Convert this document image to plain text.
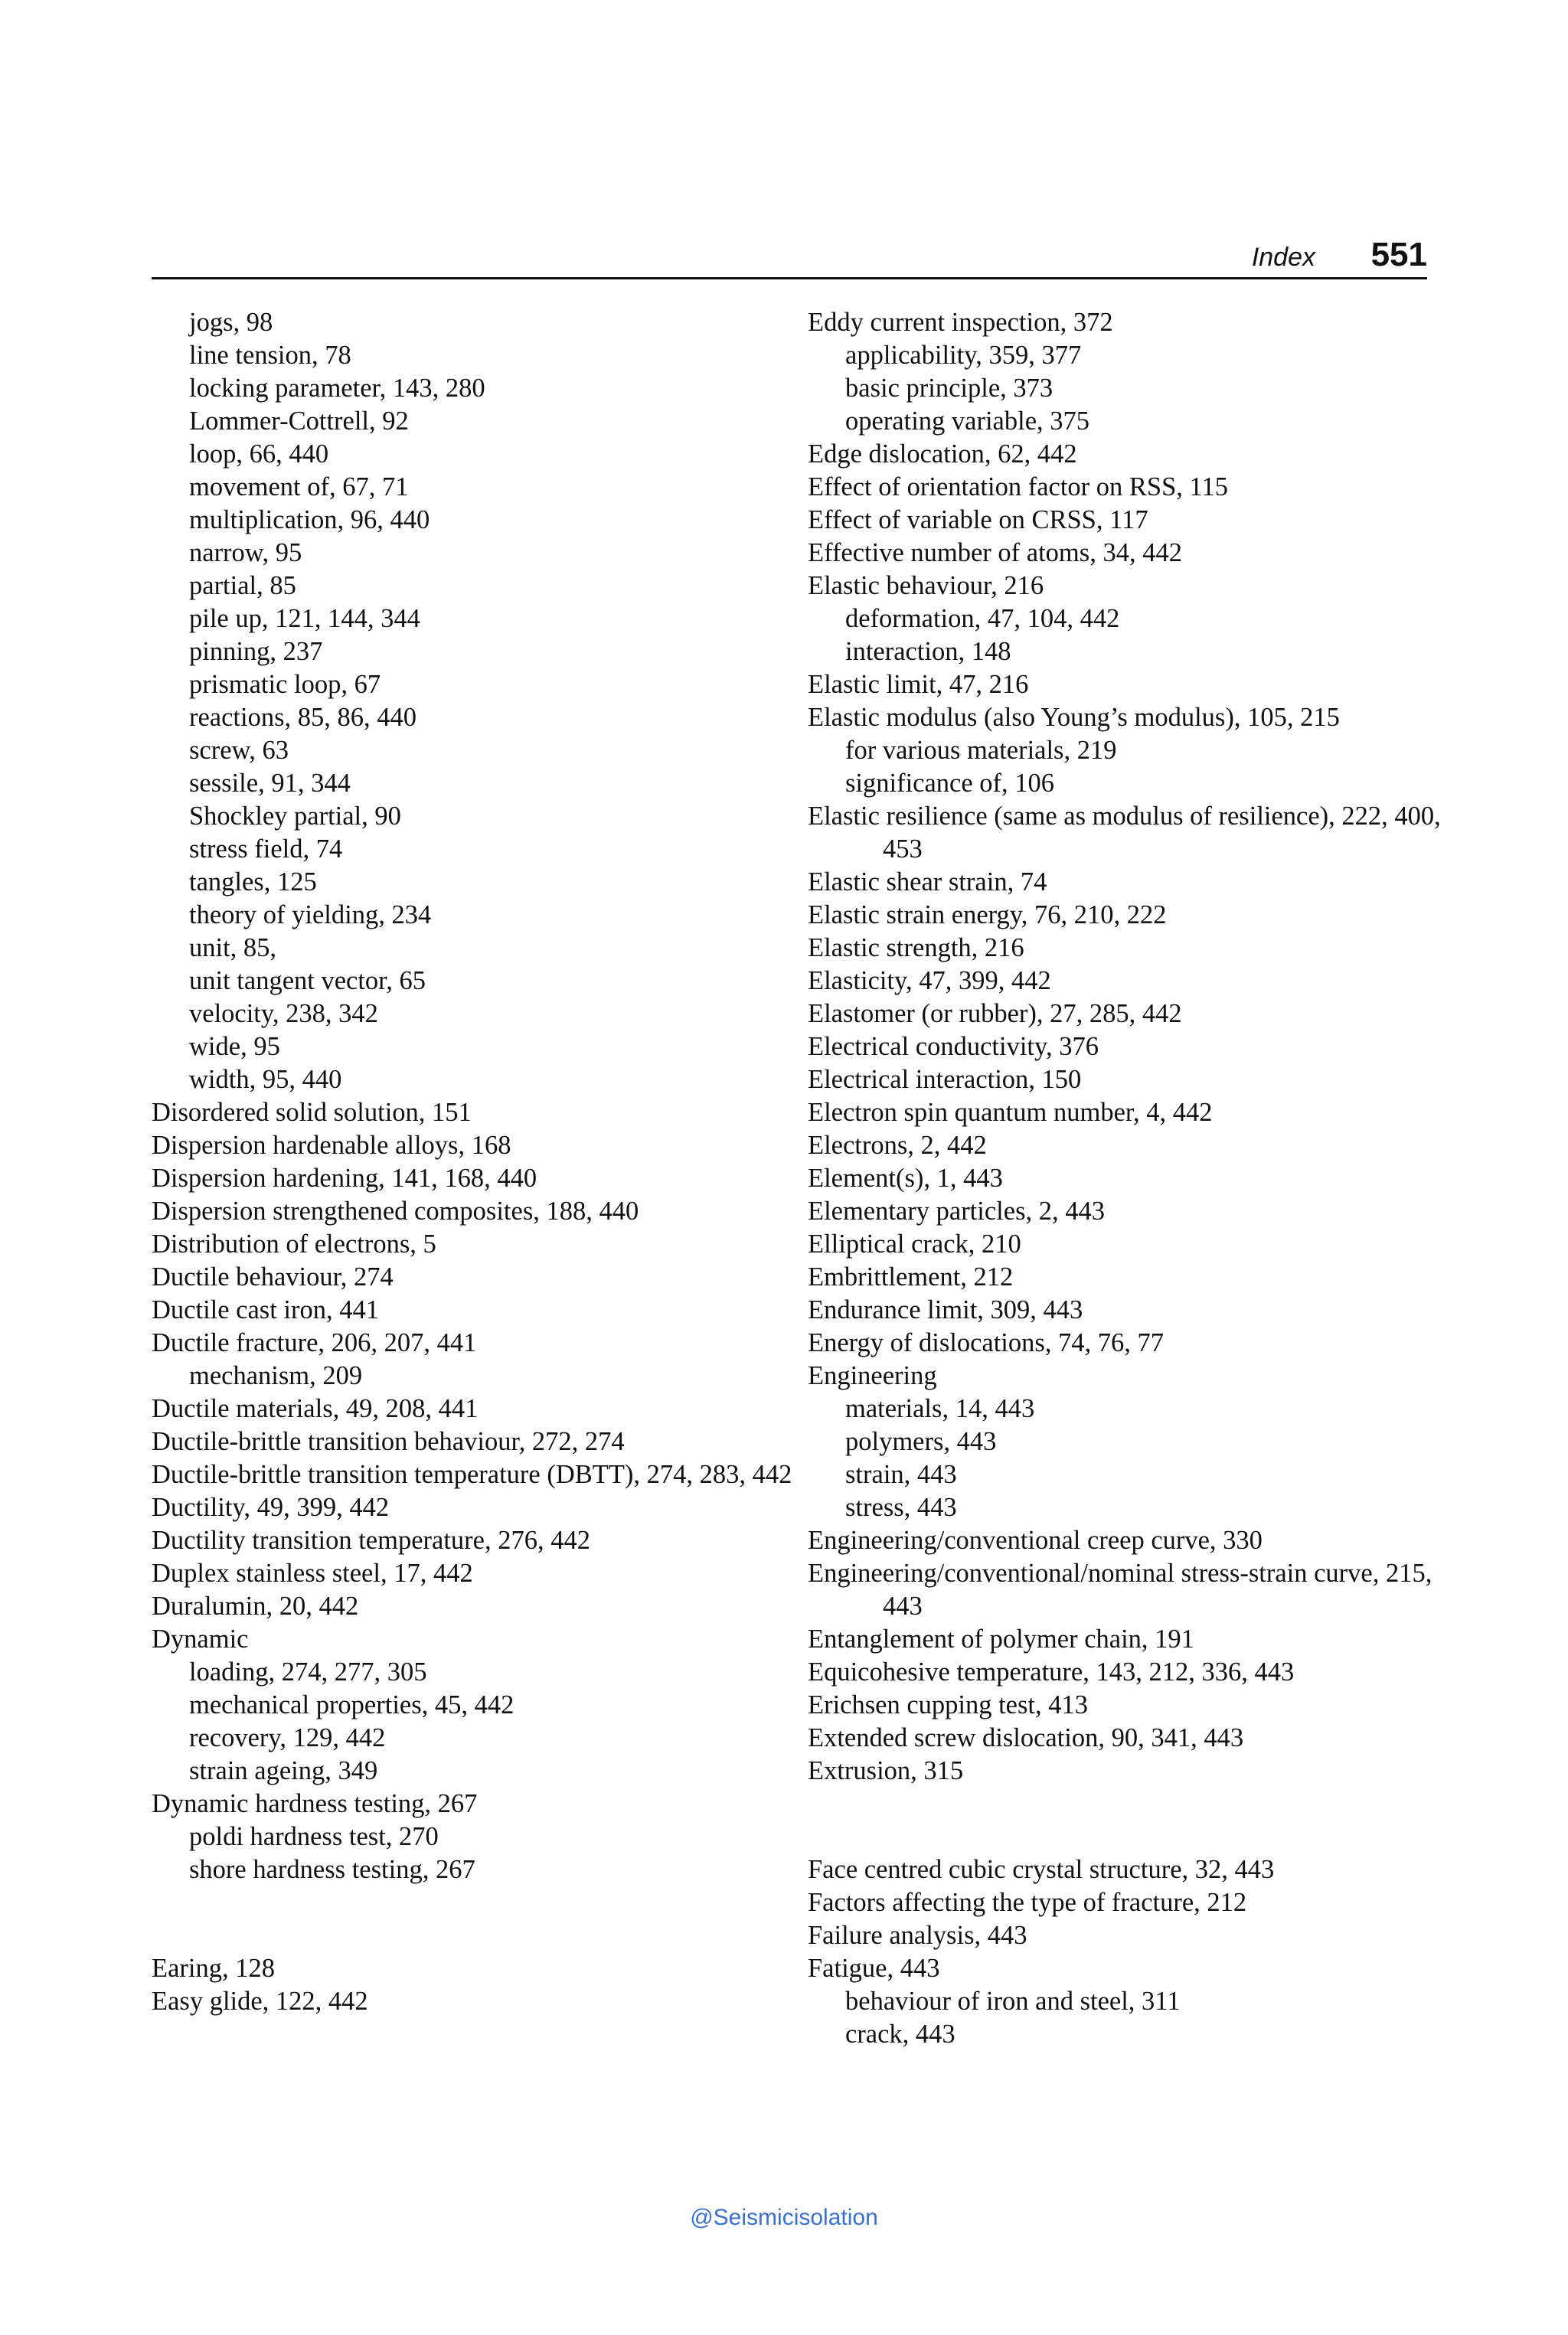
Index 551
jogs, 98
line tension, 78
locking parameter, 143, 280
Lommer-Cottrell, 92
loop, 66, 440
movement of, 67, 71
multiplication, 96, 440
narrow, 95
partial, 85
pile up, 121, 144, 344
pinning, 237
prismatic loop, 67
reactions, 85, 86, 440
screw, 63
sessile, 91, 344
Shockley partial, 90
stress field, 74
tangles, 125
theory of yielding, 234
unit, 85,
unit tangent vector, 65
velocity, 238, 342
wide, 95
width, 95, 440
Disordered solid solution, 151
Dispersion hardenable alloys, 168
Dispersion hardening, 141, 168, 440
Dispersion strengthened composites, 188, 440
Distribution of electrons, 5
Ductile behaviour, 274
Ductile cast iron, 441
Ductile fracture, 206, 207, 441
mechanism, 209
Ductile materials, 49, 208, 441
Ductile-brittle transition behaviour, 272, 274
Ductile-brittle transition temperature (DBTT), 274, 283, 442
Ductility, 49, 399, 442
Ductility transition temperature, 276, 442
Duplex stainless steel, 17, 442
Duralumin, 20, 442
Dynamic
loading, 274, 277, 305
mechanical properties, 45, 442
recovery, 129, 442
strain ageing, 349
Dynamic hardness testing, 267
poldi hardness test, 270
shore hardness testing, 267
Earing, 128
Easy glide, 122, 442
Eddy current inspection, 372
applicability, 359, 377
basic principle, 373
operating variable, 375
Edge dislocation, 62, 442
Effect of orientation factor on RSS, 115
Effect of variable on CRSS, 117
Effective number of atoms, 34, 442
Elastic behaviour, 216
deformation, 47, 104, 442
interaction, 148
Elastic limit, 47, 216
Elastic modulus (also Young’s modulus), 105, 215
for various materials, 219
significance of, 106
Elastic resilience (same as modulus of resilience), 222, 400, 453
Elastic shear strain, 74
Elastic strain energy, 76, 210, 222
Elastic strength, 216
Elasticity, 47, 399, 442
Elastomer (or rubber), 27, 285, 442
Electrical conductivity, 376
Electrical interaction, 150
Electron spin quantum number, 4, 442
Electrons, 2, 442
Element(s), 1, 443
Elementary particles, 2, 443
Elliptical crack, 210
Embrittlement, 212
Endurance limit, 309, 443
Energy of dislocations, 74, 76, 77
Engineering
materials, 14, 443
polymers, 443
strain, 443
stress, 443
Engineering/conventional creep curve, 330
Engineering/conventional/nominal stress-strain curve, 215, 443
Entanglement of polymer chain, 191
Equicohesive temperature, 143, 212, 336, 443
Erichsen cupping test, 413
Extended screw dislocation, 90, 341, 443
Extrusion, 315
Face centred cubic crystal structure, 32, 443
Factors affecting the type of fracture, 212
Failure analysis, 443
Fatigue, 443
behaviour of iron and steel, 311
crack, 443
@Seismicisolation
